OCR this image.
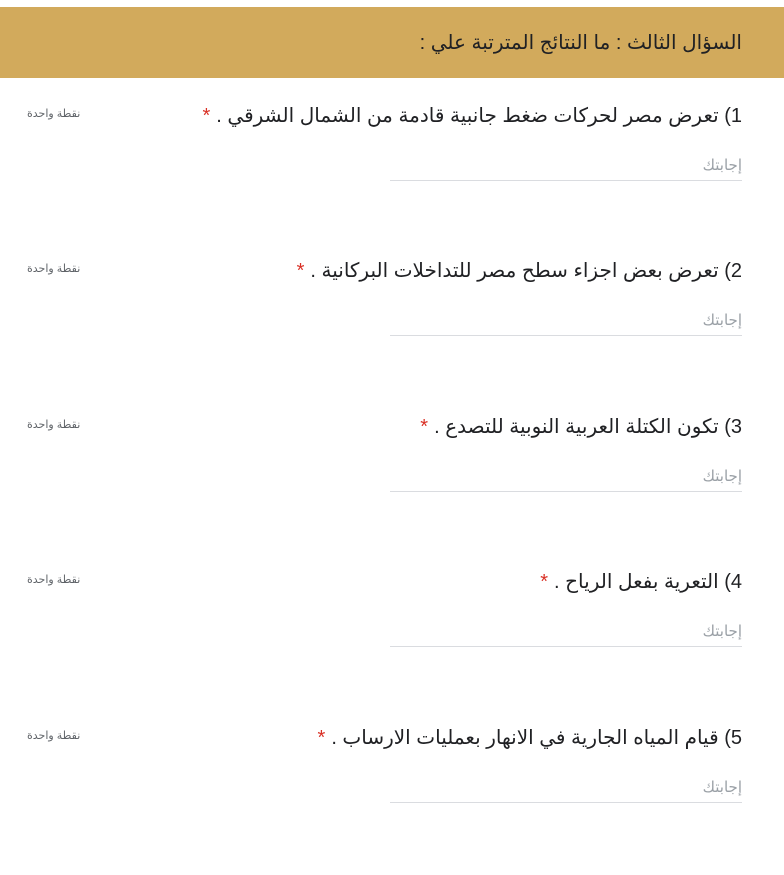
السؤال الثالث : ما النتائج المترتبة علي :
1) تعرض مصر لحركات ضغط جانبية قادمة من الشمال الشرقي .*
نقطة واحدة
إجابتك
2) تعرض بعض اجزاء سطح مصر للتداخلات البركانية .*
نقطة واحدة
إجابتك
3) تكون الكتلة العربية النوبية للتصدع .*
نقطة واحدة
إجابتك
4) التعرية بفعل الرياح .*
نقطة واحدة
إجابتك
5) قيام المياه الجارية في الانهار بعمليات الارساب .*
نقطة واحدة
إجابتك
